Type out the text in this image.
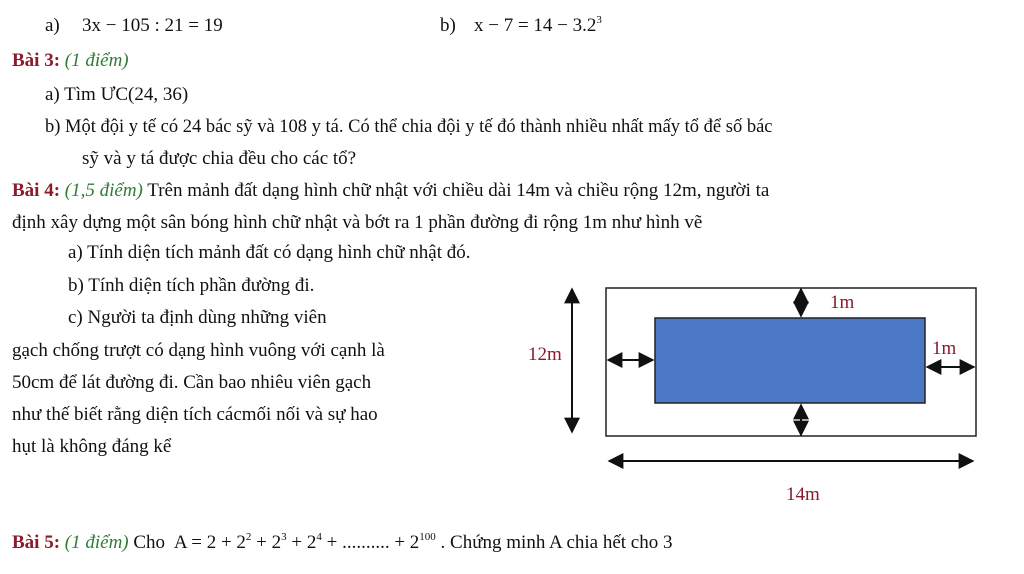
a) 3x − 105 : 21 = 19	b) $x - 7 = 14 - 3.2^3$
Bài 3: (1 điểm)
a) Tìm ƯC(24, 36)
b) Một đội y tế có 24 bác sỹ và 108 y tá. Có thể chia đội y tế đó thành nhiều nhất mấy tổ để số bác
sỹ và y tá được chia đều cho các tổ?
Bài 4: (1,5 điểm) Trên mảnh đất dạng hình chữ nhật với chiều dài 14m và chiều rộng 12m, người ta
định xây dựng một sân bóng hình chữ nhật và bớt ra 1 phần đường đi rộng 1m như hình vẽ
a) Tính diện tích mảnh đất có dạng hình chữ nhật đó.
b) Tính diện tích phần đường đi.
c) Người ta định dùng những viên
gạch chống trượt có dạng hình vuông với cạnh là
50cm để lát đường đi. Cần bao nhiêu viên gạch
như thế biết rằng diện tích cácmối nối và sự hao
hụt là không đáng kể
1m
1m
12m
14m
Bài 5: (1 điểm) Cho $A = 2 + 2^2 + 2^3 + 2^4$ + .......... + $2^{100}$ . Chứng minh A chia hết cho 3
